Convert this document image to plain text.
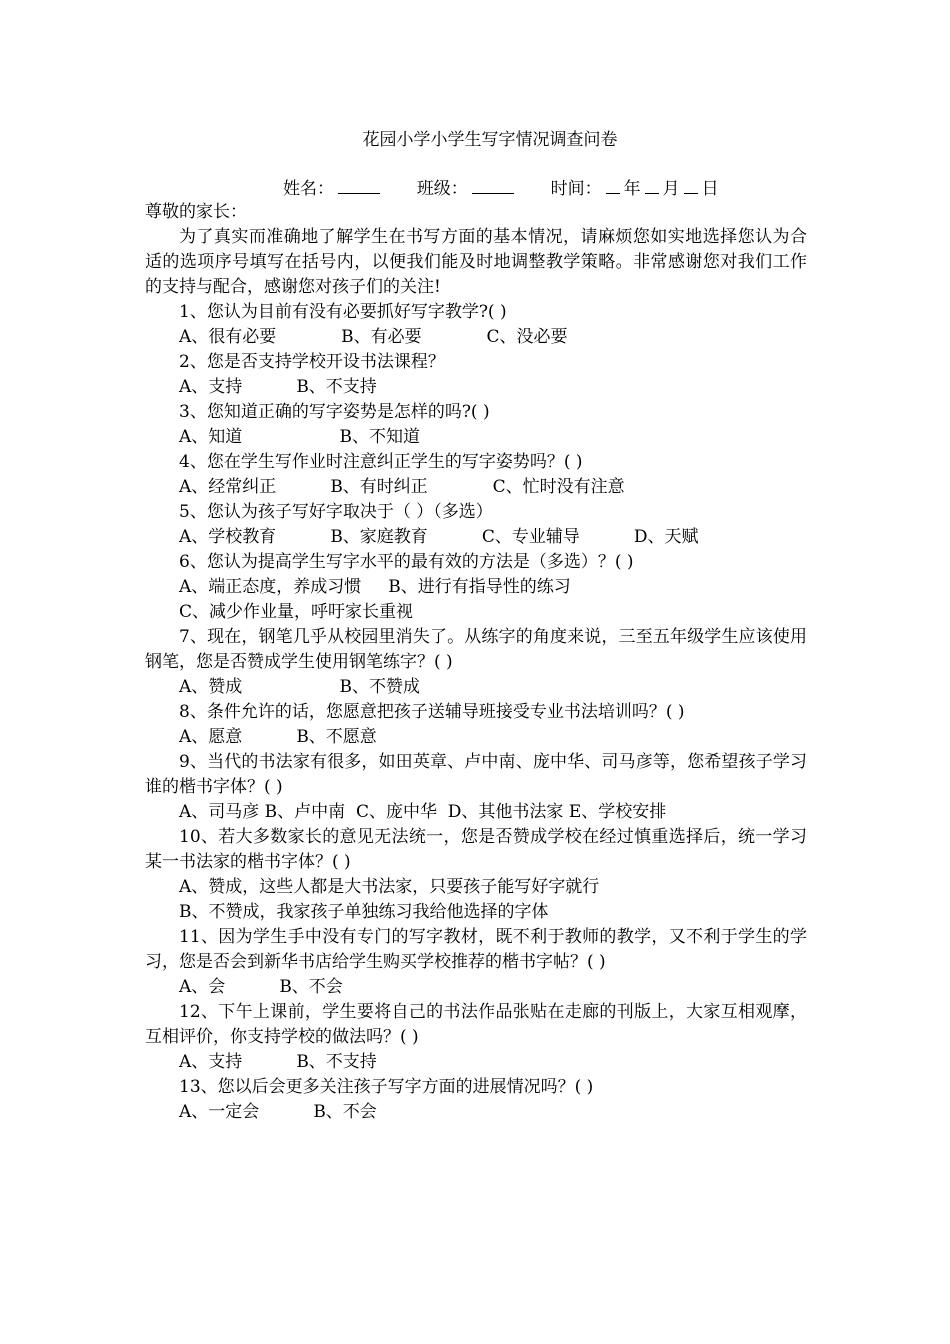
花园小学小学生写字情况调查问卷
姓名：	班级：	时间： 年 月 日
尊敬的家长：
为了真实而准确地了解学生在书写方面的基本情况，请麻烦您如实地选择您认为合适的选项序号填写在括号内，以便我们能及时地调整教学策略。非常感谢您对我们工作的支持与配合，感谢您对孩子们的关注!
1、您认为目前有没有必要抓好写字教学?( )
A、很有必要            B、有必要            C、没必要
2、您是否支持学校开设书法课程？
A、支持          B、不支持
3、您知道正确的写字姿势是怎样的吗?( )
A、知道                  B、不知道
4、您在学生写作业时注意纠正学生的写字姿势吗？( )
A、经常纠正          B、有时纠正            C、忙时没有注意
5、您认为孩子写好字取决于（ ）（多选）
A、学校教育          B、家庭教育          C、专业辅导          D、天赋
6、您认为提高学生写字水平的最有效的方法是（多选）？( )
A、端正态度，养成习惯     B、进行有指导性的练习
C、减少作业量，呼吁家长重视
7、现在，钢笔几乎从校园里消失了。从练字的角度来说，三至五年级学生应该使用钢笔，您是否赞成学生使用钢笔练字？( )
A、赞成                  B、不赞成
8、条件允许的话，您愿意把孩子送辅导班接受专业书法培训吗？( )
A、愿意          B、不愿意
9、当代的书法家有很多，如田英章、卢中南、庞中华、司马彦等，您希望孩子学习谁的楷书字体？( )
A、司马彦 B、卢中南  C、庞中华  D、其他书法家 E、学校安排
10、若大多数家长的意见无法统一，您是否赞成学校在经过慎重选择后，统一学习某一书法家的楷书字体？( )
A、赞成，这些人都是大书法家，只要孩子能写好字就行
B、不赞成，我家孩子单独练习我给他选择的字体
11、因为学生手中没有专门的写字教材，既不利于教师的教学，又不利于学生的学习，您是否会到新华书店给学生购买学校推荐的楷书字帖？( )
A、会          B、不会
12、下午上课前，学生要将自己的书法作品张贴在走廊的刊版上，大家互相观摩，互相评价，你支持学校的做法吗？( )
A、支持          B、不支持
13、您以后会更多关注孩子写字方面的进展情况吗？( )
A、一定会          B、不会
